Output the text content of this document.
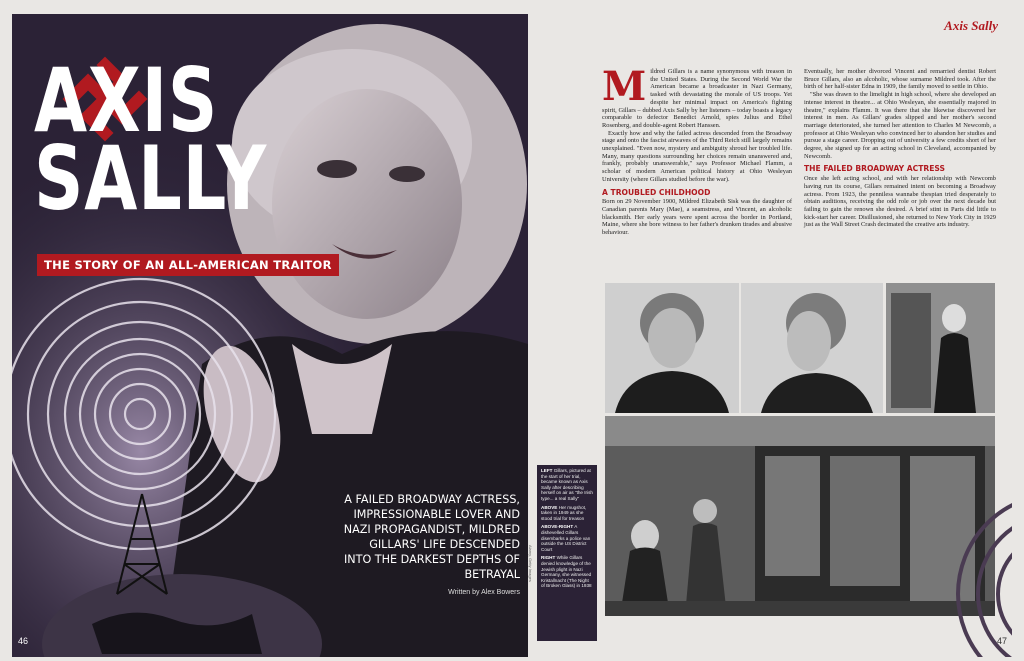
AXIS
SALLY
THE STORY OF AN ALL-AMERICAN TRAITOR
A FAILED BROADWAY ACTRESS, IMPRESSIONABLE LOVER AND NAZI PROPAGANDIST, MILDRED GILLARS' LIFE DESCENDED INTO THE DARKEST DEPTHS OF BETRAYAL
Written by Alex Bowers
46
LEFT Gillars, pictured at the start of her trial, became known as Axis Sally after describing herself on air as "the Irish type... a real Sally"
ABOVE Her mugshot, taken in 1949 as she stood trial for treason
ABOVE-RIGHT A dishevelled Gillars disembarks a police van outside the US District Court
RIGHT While Gillars denied knowledge of the Jewish plight in Nazi Germany, she witnessed Kristallnacht (The Night of Broken Glass) in 1938
Alamy, Getty Images
Axis Sally

Mildred Gillars is a name synonymous with treason in the United States. During the Second World War the American became a broadcaster in Nazi Germany, tasked with devastating the morale of US troops. Yet despite her minimal impact on America's fighting spirit, Gillars – dubbed Axis Sally by her listeners – today boasts a legacy comparable to defector Benedict Arnold, spies Julius and Ethel Rosenberg, and double-agent Robert Hanssen.

Exactly how and why the failed actress descended from the Broadway stage and onto the fascist airwaves of the Third Reich still largely remains unexplained. "Even now, mystery and ambiguity shroud her troubled life. Many, many questions surrounding her choices remain unanswered and, frankly, probably unanswerable," says Professor Michael Flamm, a scholar of modern American political history at Ohio Wesleyan University (where Gillars studied before the war).

A TROUBLED CHILDHOOD

Born on 29 November 1900, Mildred Elizabeth Sisk was the daughter of Canadian parents Mary (Mae), a seamstress, and Vincent, an alcoholic blacksmith. Her early years were spent across the border in Portland, Maine, where she bore witness to her father's drunken tirades and abusive behaviour.

Eventually, her mother divorced Vincent and remarried dentist Robert Bruce Gillars, also an alcoholic, whose surname Mildred took. After the birth of her half-sister Edna in 1909, the family moved to settle in Ohio.

"She was drawn to the limelight in high school, where she developed an intense interest in theatre... at Ohio Wesleyan, she essentially majored in theatre," explains Flamm. It was there that she likewise discovered her interest in men. As Gillars' grades slipped and her mother's second marriage deteriorated, she turned her attention to Charles M Newcomb, a professor at Ohio Wesleyan who convinced her to abandon her studies and pursue a stage career. Dropping out of university a few credits short of her degree, she signed up for an acting school in Cleveland, accompanied by Newcomb.

THE FAILED BROADWAY ACTRESS

Once she left acting school, and with her relationship with Newcomb having run its course, Gillars remained intent on becoming a Broadway actress. From 1923, the penniless wannabe thespian tried desperately to obtain auditions, receiving the odd role or job over the next decade but failing to gain the renown she desired. A brief stint in Paris did little to kick-start her career. Disillusioned, she returned to New York City in 1929 just as the Wall Street Crash decimated the creative arts industry.

47
